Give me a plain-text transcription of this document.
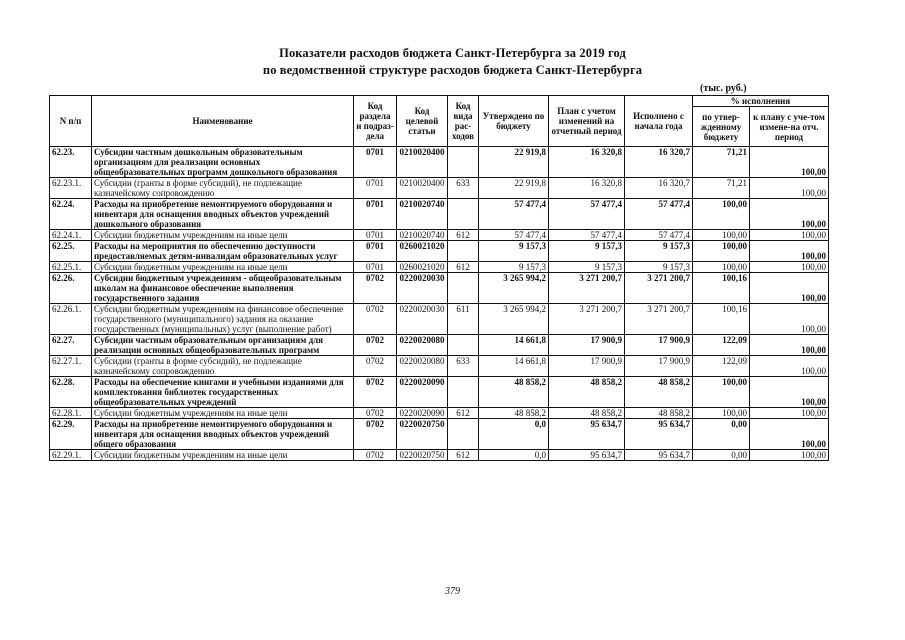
Показатели расходов бюджета Санкт-Петербурга за 2019 год
по ведомственной структуре расходов бюджета Санкт-Петербурга
(тыс. руб.)
N п/п	Наименование	Код раздела и подраз-дела	Код целевой статьи	Код вида рас-ходов	Утверждено по бюджету	План с учетом изменений на отчетный период	Исполнено с начала года	% исполнения	
								по утвер-жденному бюджету	к плану с уче-том измене-на отч. период
62.23.	Субсидии частным дошкольным образовательным организациям для реализации основных общеобразовательных программ дошкольного образования	0701	0210020400		22 919,8	16 320,8	16 320,7	71,21	100,00
62.23.1.	Субсидии (гранты в форме субсидий), не подлежащие казначейскому сопровождению	0701	0210020400	633	22 919,8	16 320,8	16 320,7	71,21	100,00
62.24.	Расходы на приобретение немонтируемого оборудования и инвентаря для оснащения вводных объектов учреждений дошкольного образования	0701	0210020740		57 477,4	57 477,4	57 477,4	100,00	100,00
62.24.1.	Субсидии бюджетным учреждениям на иные цели	0701	0210020740	612	57 477,4	57 477,4	57 477,4	100,00	100,00
62.25.	Расходы на мероприятия по обеспечению доступности предоставляемых детям-инвалидам образовательных услуг	0701	0260021020		9 157,3	9 157,3	9 157,3	100,00	100,00
62.25.1.	Субсидии бюджетным учреждениям на иные цели	0701	0260021020	612	9 157,3	9 157,3	9 157,3	100,00	100,00
62.26.	Субсидии бюджетным учреждениям - общеобразовательным школам на финансовое обеспечение выполнения государственного задания	0702	0220020030		3 265 994,2	3 271 200,7	3 271 200,7	100,16	100,00
62.26.1.	Субсидии бюджетным учреждениям на финансовое обеспечение государственного (муниципального) задания на оказание государственных (муниципальных) услуг (выполнение работ)	0702	0220020030	611	3 265 994,2	3 271 200,7	3 271 200,7	100,16	100,00
62.27.	Субсидии частным образовательным организациям для реализации основных общеобразовательных программ	0702	0220020080		14 661,8	17 900,9	17 900,9	122,09	100,00
62.27.1.	Субсидии (гранты в форме субсидий), не подлежащие казначейскому сопровождению	0702	0220020080	633	14 661,8	17 900,9	17 900,9	122,09	100,00
62.28.	Расходы на обеспечение книгами и учебными изданиями для комплектования библиотек государственных общеобразовательных учреждений	0702	0220020090		48 858,2	48 858,2	48 858,2	100,00	100,00
62.28.1.	Субсидии бюджетным учреждениям на иные цели	0702	0220020090	612	48 858,2	48 858,2	48 858,2	100,00	100,00
62.29.	Расходы на приобретение немонтируемого оборудования и инвентаря для оснащения вводных объектов учреждений общего образования	0702	0220020750		0,0	95 634,7	95 634,7	0,00	100,00
62.29.1.	Субсидии бюджетным учреждениям на иные цели	0702	0220020750	612	0,0	95 634,7	95 634,7	0,00	100,00
379
